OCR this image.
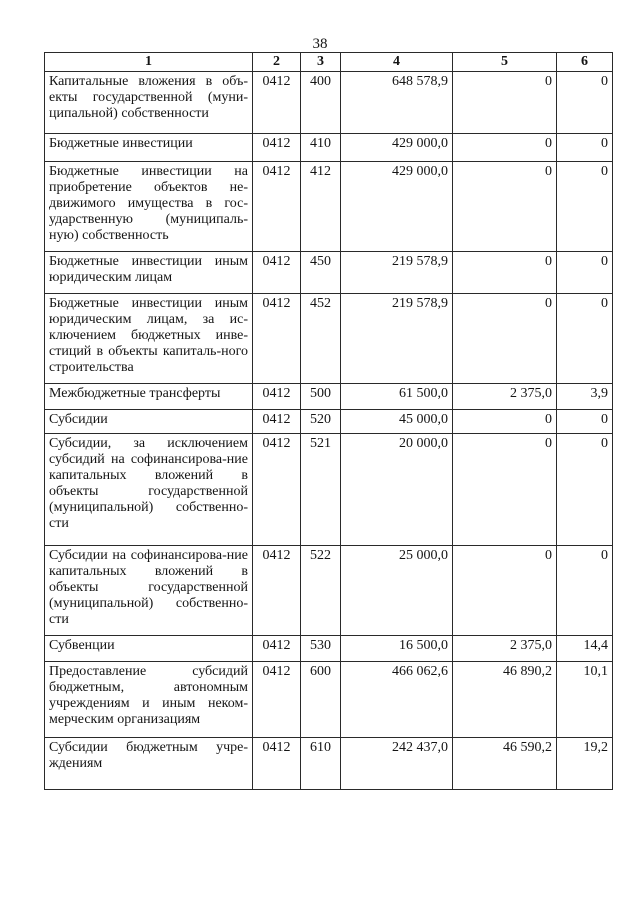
38
1	2	3	4	5	6
Капитальные вложения в объ-екты государственной (муни-ципальной) собственности	0412	400	648 578,9	0	0
Бюджетные инвестиции	0412	410	429 000,0	0	0
Бюджетные инвестиции на приобретение объектов не-движимого имущества в гос-ударственную (муниципаль-ную) собственность	0412	412	429 000,0	0	0
Бюджетные инвестиции иным юридическим лицам	0412	450	219 578,9	0	0
Бюджетные инвестиции иным юридическим лицам, за ис-ключением бюджетных инве-стиций в объекты капиталь-ного строительства	0412	452	219 578,9	0	0
Межбюджетные трансферты	0412	500	61 500,0	2 375,0	3,9
Субсидии	0412	520	45 000,0	0	0
Субсидии, за исключением субсидий на софинансирова-ние капитальных вложений в объекты государственной (муниципальной) собственно-сти	0412	521	20 000,0	0	0
Субсидии на софинансирова-ние капитальных вложений в объекты государственной (муниципальной) собственно-сти	0412	522	25 000,0	0	0
Субвенции	0412	530	16 500,0	2 375,0	14,4
Предоставление субсидий бюджетным, автономным учреждениям и иным неком-мерческим организациям	0412	600	466 062,6	46 890,2	10,1
Субсидии бюджетным учре-ждениям	0412	610	242 437,0	46 590,2	19,2
